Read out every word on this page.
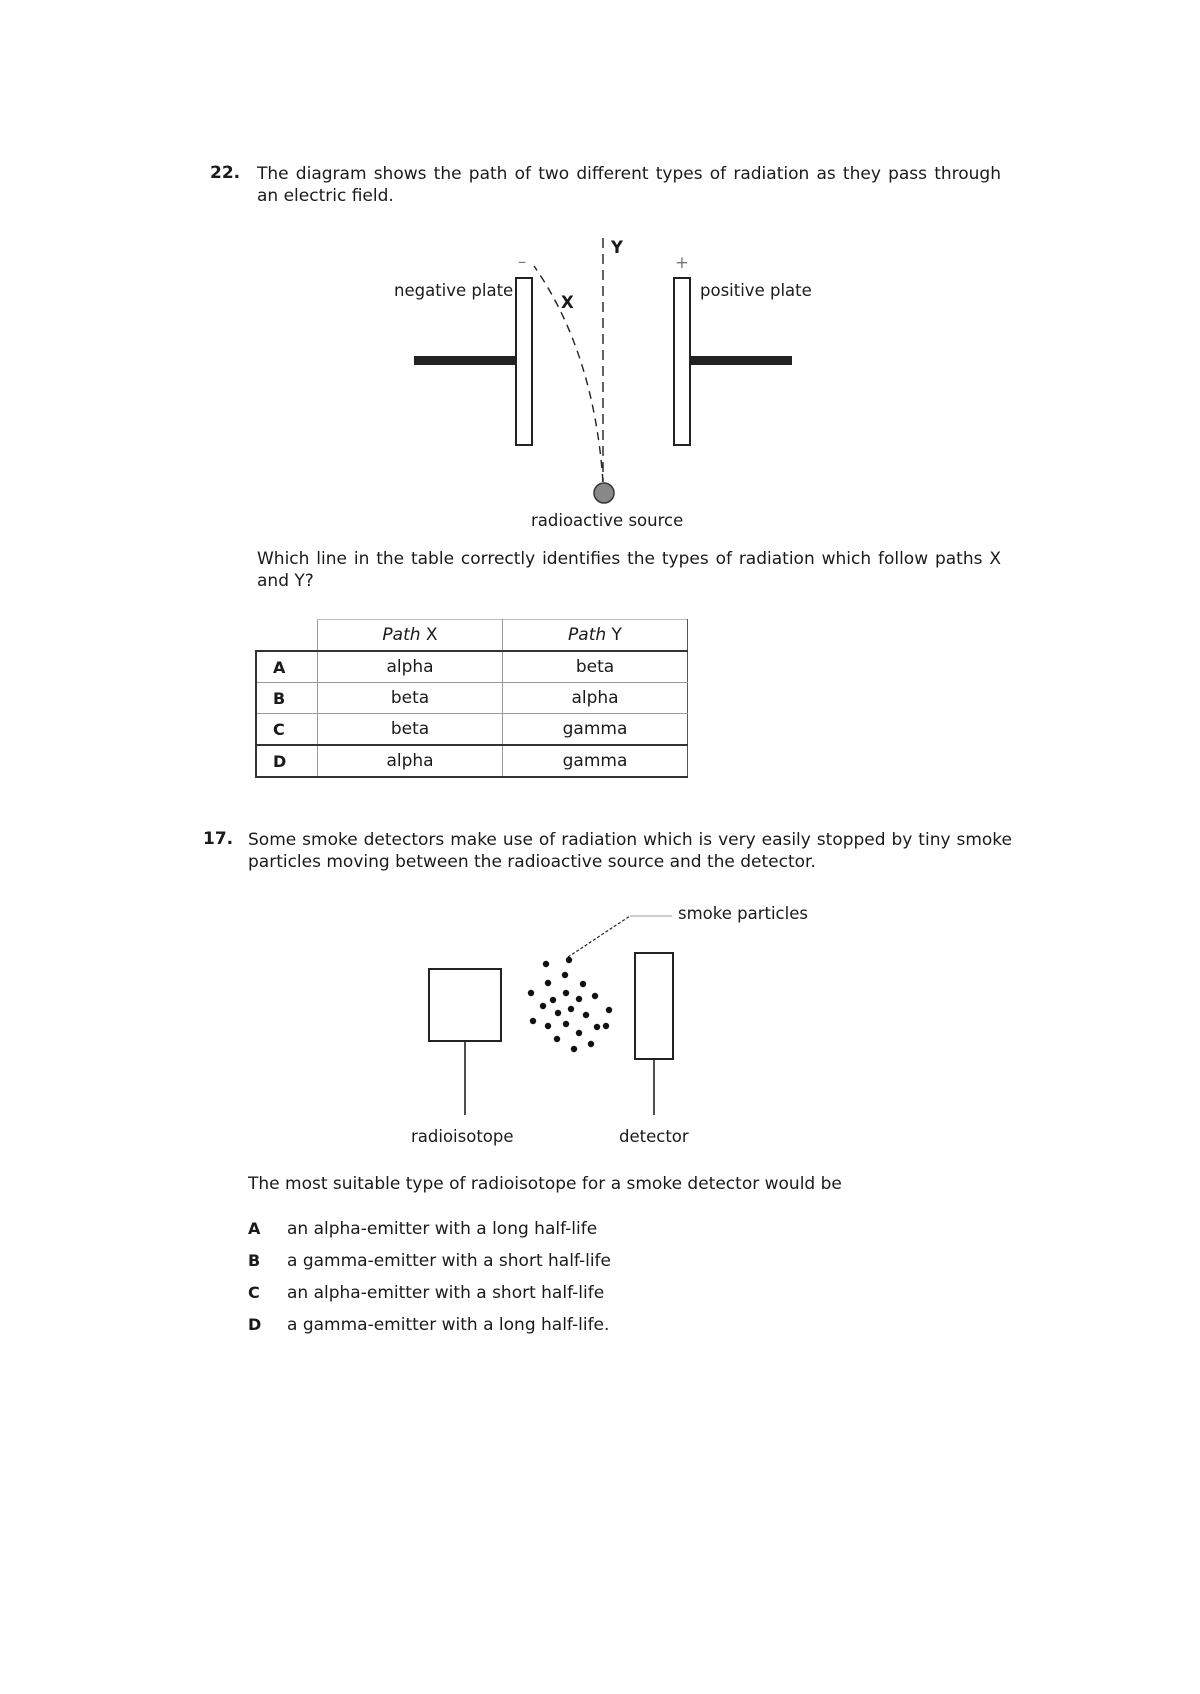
22. The diagram shows the path of two different types of radiation as they pass through an electric field.
negative plate	positive plate
–	+
X
Y
radioactive source
Which line in the table correctly identifies the types of radiation which follow paths X and Y?
	Path X	Path Y
A	alpha	beta
B	beta	alpha
C	beta	gamma
D	alpha	gamma
17. Some smoke detectors make use of radiation which is very easily stopped by tiny smoke particles moving between the radioactive source and the detector.
smoke particles
radioisotope	detector
The most suitable type of radioisotope for a smoke detector would be
A an alpha-emitter with a long half-life
B a gamma-emitter with a short half-life
C an alpha-emitter with a short half-life
D a gamma-emitter with a long half-life.
